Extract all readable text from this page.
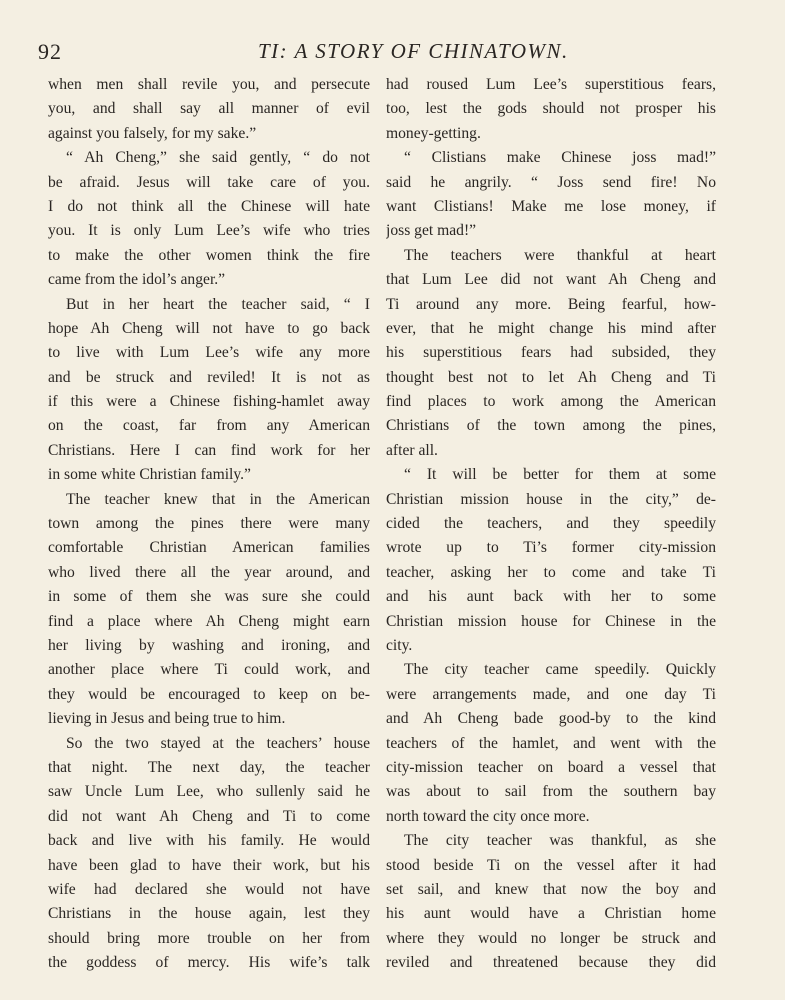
92	TI: A STORY OF CHINATOWN.
when men shall revile you, and persecute
you, and shall say all manner of evil
against you falsely, for my sake.”
“ Ah Cheng,” she said gently, “ do not
be afraid. Jesus will take care of you.
I do not think all the Chinese will hate
you. It is only Lum Lee’s wife who tries
to make the other women think the fire
came from the idol’s anger.”
But in her heart the teacher said, “ I
hope Ah Cheng will not have to go back
to live with Lum Lee’s wife any more
and be struck and reviled! It is not as
if this were a Chinese fishing-hamlet away
on the coast, far from any American
Christians. Here I can find work for her
in some white Christian family.”
The teacher knew that in the American
town among the pines there were many
comfortable Christian American families
who lived there all the year around, and
in some of them she was sure she could
find a place where Ah Cheng might earn
her living by washing and ironing, and
another place where Ti could work, and
they would be encouraged to keep on be-
lieving in Jesus and being true to him.
So the two stayed at the teachers’ house
that night. The next day, the teacher
saw Uncle Lum Lee, who sullenly said he
did not want Ah Cheng and Ti to come
back and live with his family. He would
have been glad to have their work, but his
wife had declared she would not have
Christians in the house again, lest they
should bring more trouble on her from
the goddess of mercy. His wife’s talk
had roused Lum Lee’s superstitious fears,
too, lest the gods should not prosper his
money-getting.
“ Clistians make Chinese joss mad!”
said he angrily. “ Joss send fire! No
want Clistians! Make me lose money, if
joss get mad!”
The teachers were thankful at heart
that Lum Lee did not want Ah Cheng and
Ti around any more. Being fearful, how-
ever, that he might change his mind after
his superstitious fears had subsided, they
thought best not to let Ah Cheng and Ti
find places to work among the American
Christians of the town among the pines,
after all.
“ It will be better for them at some
Christian mission house in the city,” de-
cided the teachers, and they speedily
wrote up to Ti’s former city-mission
teacher, asking her to come and take Ti
and his aunt back with her to some
Christian mission house for Chinese in the
city.
The city teacher came speedily. Quickly
were arrangements made, and one day Ti
and Ah Cheng bade good-by to the kind
teachers of the hamlet, and went with the
city-mission teacher on board a vessel that
was about to sail from the southern bay
north toward the city once more.
The city teacher was thankful, as she
stood beside Ti on the vessel after it had
set sail, and knew that now the boy and
his aunt would have a Christian home
where they would no longer be struck and
reviled and threatened because they did
